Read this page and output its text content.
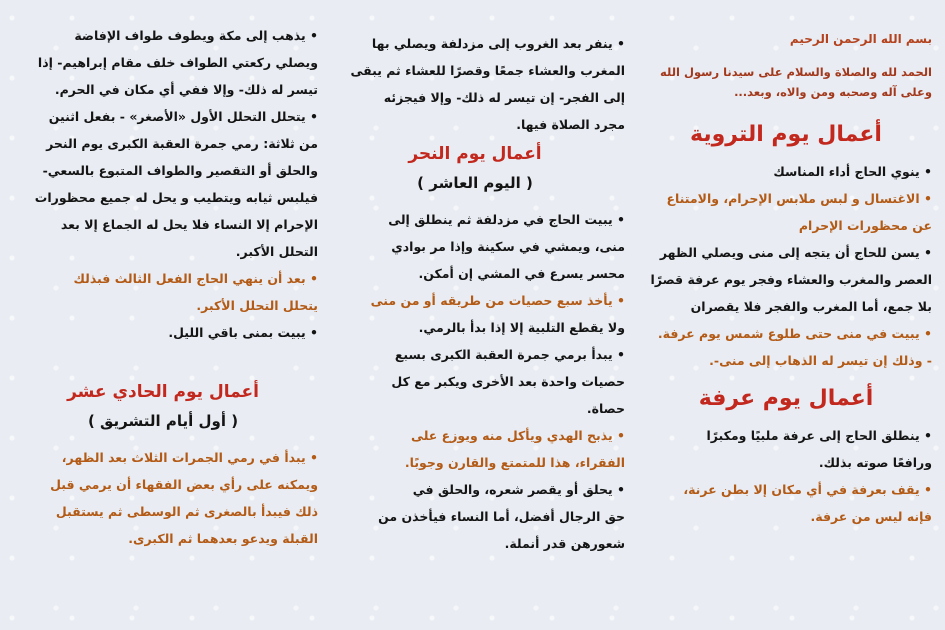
بسم الله الرحمن الرحيم

الحمد لله والصلاة والسلام على سيدنا رسول الله

وعلى آله وصحبه ومن والاه، وبعد...

أعمال يوم التروية

• ينوي الحاج أداء المناسك

• الاغتسال و لبس ملابس الإحرام، والامتناع

عن محظورات الإحرام

• يسن للحاج أن يتجه إلى منى ويصلي الظهر

العصر والمغرب والعشاء وفجر يوم عرفة قصرًا

بلا جمع، أما المغرب والفجر فلا يقصران

• يبيت في منى حتى طلوع شمس يوم عرفة.

- وذلك إن تيسر له الذهاب إلى منى-.

أعمال يوم عرفة

• ينطلق الحاج إلى عرفة ملبيًا ومكبرًا

ورافعًا صوته بذلك.

• يقف بعرفة في أي مكان إلا بطن عرنة،

فإنه ليس من عرفة.

• ينفر بعد الغروب إلى مزدلفة ويصلي بها

المغرب والعشاء جمعًا وقصرًا للعشاء ثم يبقى

إلى الفجر- إن تيسر له ذلك- وإلا فيجزئه

مجرد الصلاة فيها.

أعمال يوم النحر

( اليوم العاشر )

• يبيت الحاج في مزدلفة ثم ينطلق إلى

منى، ويمشي في سكينة وإذا مر بوادي

محسر يسرع في المشي إن أمكن.

• يأخذ سبع حصيات من طريقه أو من منى

ولا يقطع التلبية إلا إذا بدأ بالرمي.

• يبدأ برمي جمرة العقبة الكبرى بسبع

حصيات واحدة بعد الأخرى ويكبر مع كل

حصاة.

• يذبح الهدي ويأكل منه ويوزع على

الفقراء، هذا للمتمتع والقارن وجوبًا.

• يحلق أو يقصر شعره، والحلق في

حق الرجال أفضل، أما النساء فيأخذن من

شعورهن قدر أنملة.

• يذهب إلى مكة ويطوف طواف الإفاضة

ويصلي ركعتي الطواف خلف مقام إبراهيم- إذا

تيسر له ذلك- وإلا ففي أي مكان في الحرم.

• يتحلل التحلل الأول «الأصغر» - بفعل اثنين

من ثلاثة: رمي جمرة العقبة الكبرى يوم النحر

والحلق أو التقصير والطواف المتبوع بالسعي-

فيلبس ثيابه ويتطيب و يحل له جميع محظورات

الإحرام إلا النساء فلا يحل له الجماع إلا بعد

التحلل الأكبر.

• بعد أن ينهي الحاج الفعل الثالث فبذلك

يتحلل التحلل الأكبر.

• يبيت بمنى باقي الليل.

أعمال يوم الحادي عشر

( أول أيام التشريق )

• يبدأ في رمي الجمرات الثلاث بعد الظهر،

ويمكنه على رأي بعض الفقهاء أن يرمي قبل

ذلك فيبدأ بالصغرى ثم الوسطى ثم يستقبل

القبلة ويدعو بعدهما ثم الكبرى.
